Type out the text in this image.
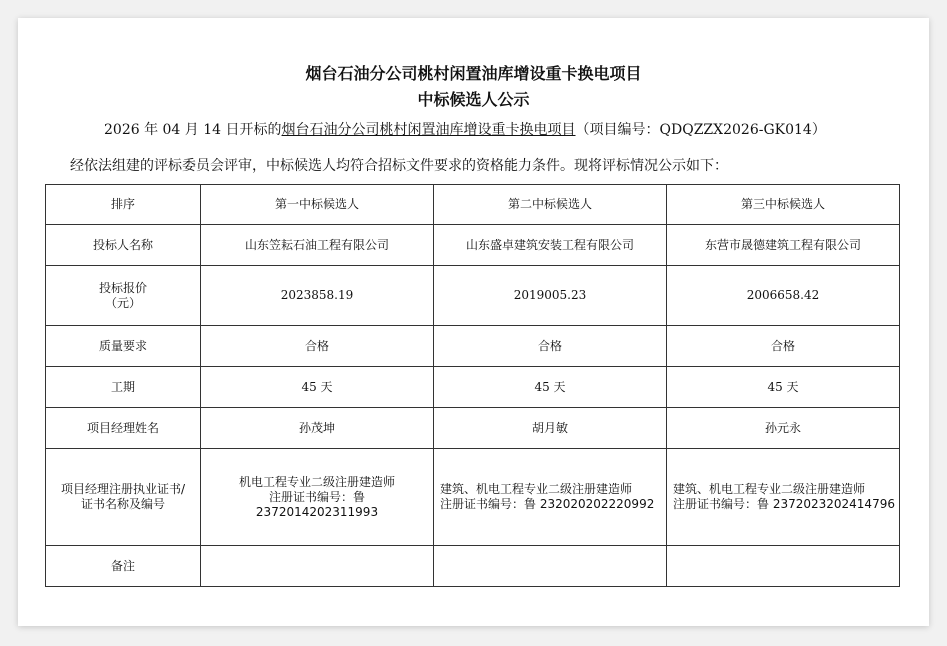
烟台石油分公司桃村闲置油库增设重卡换电项目
中标候选人公示
2026 年 04 月 14 日开标的烟台石油分公司桃村闲置油库增设重卡换电项目（项目编号：QDQZZX2026-GK014）
经依法组建的评标委员会评审，中标候选人均符合招标文件要求的资格能力条件。现将评标情况公示如下：
排序	第一中标候选人	第二中标候选人	第三中标候选人
投标人名称	山东笠耘石油工程有限公司	山东盛卓建筑安装工程有限公司	东营市晟德建筑工程有限公司

投标报价
（元）	2023858.19	2019005.23	2006658.42
质量要求	合格	合格	合格
工期	45 天	45 天	45 天
项目经理姓名	孙茂坤	胡月敏	孙元永

项目经理注册执业证书/
证书名称及编号	机电工程专业二级注册建造师
注册证书编号：鲁
2372014202311993	建筑、机电工程专业二级注册建造师
注册证书编号：鲁 232020202220992	建筑、机电工程专业二级注册建造师
注册证书编号：鲁 2372023202414796

备注			
